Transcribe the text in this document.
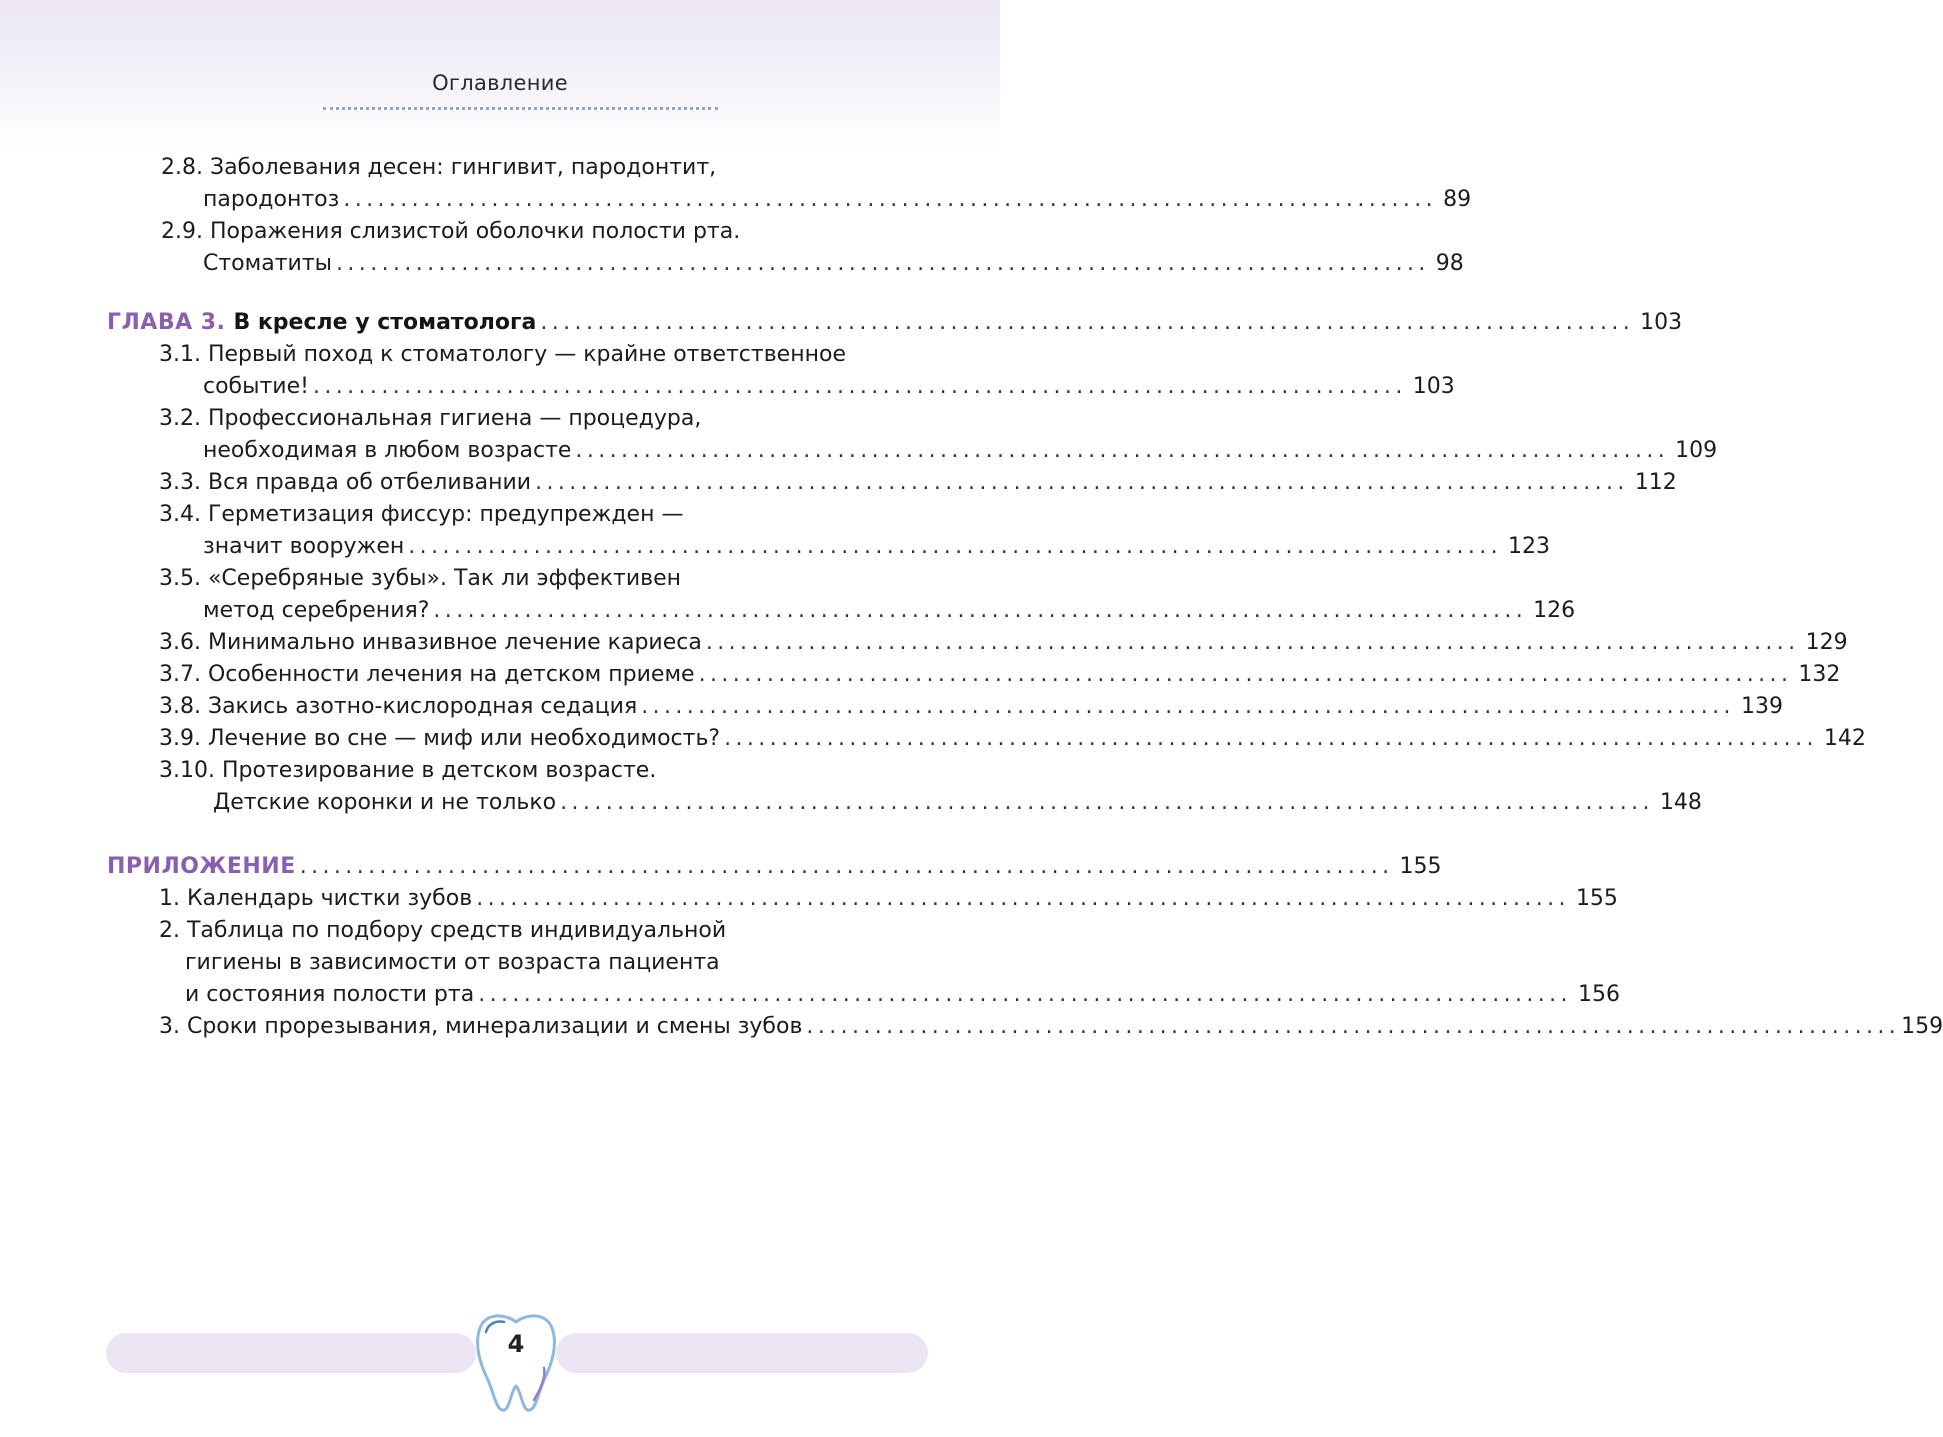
Оглавление
2.8. Заболевания десен: гингивит, пародонтит,
пародонтоз ................................................................................................ 89
2.9. Поражения слизистой оболочки полости рта.
Стоматиты ................................................................................................ 98
ГЛАВА 3. В кресле у стоматолога ................................................................................................ 103
3.1. Первый поход к стоматологу — крайне ответственное
событие! ................................................................................................ 103
3.2. Профессиональная гигиена — процедура,
необходимая в любом возрасте ................................................................................................ 109
3.3. Вся правда об отбеливании ................................................................................................ 112
3.4. Герметизация фиссур: предупрежден —
значит вооружен ................................................................................................ 123
3.5. «Серебряные зубы». Так ли эффективен
метод серебрения? ................................................................................................ 126
3.6. Минимально инвазивное лечение кариеса ................................................................................................ 129
3.7. Особенности лечения на детском приеме ................................................................................................ 132
3.8. Закись азотно-кислородная седация ................................................................................................ 139
3.9. Лечение во сне — миф или необходимость? ................................................................................................ 142
3.10. Протезирование в детском возрасте.
Детские коронки и не только ................................................................................................ 148
ПРИЛОЖЕНИЕ ................................................................................................ 155
1. Календарь чистки зубов ................................................................................................ 155
2. Таблица по подбору средств индивидуальной
гигиены в зависимости от возраста пациента
и состояния полости рта ................................................................................................ 156
3. Сроки прорезывания, минерализации и смены зубов ................................................................................................ 159
4
